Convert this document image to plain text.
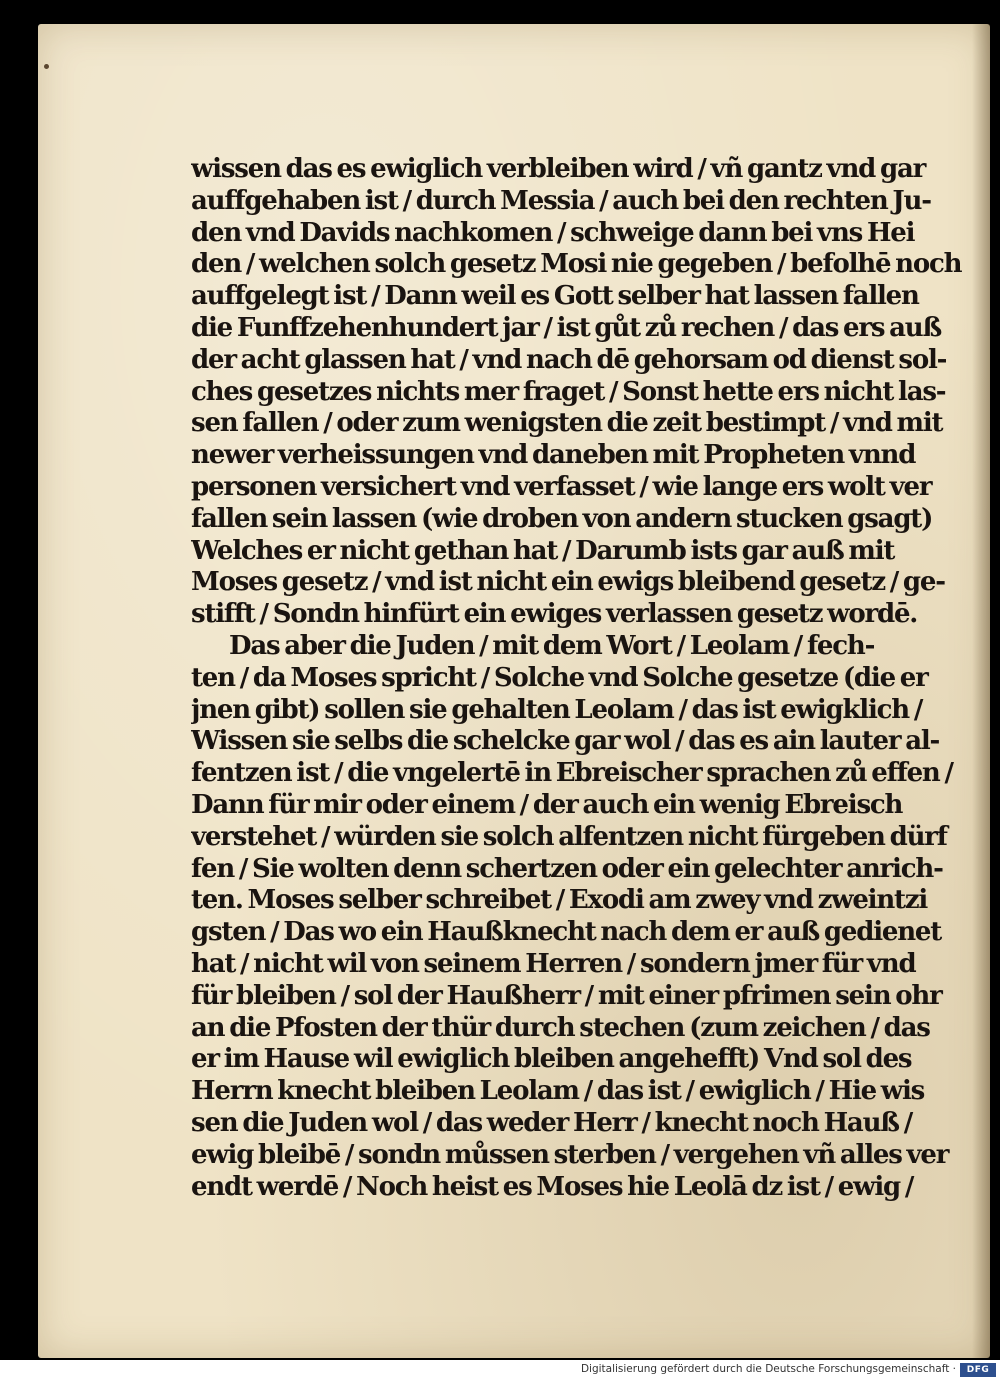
wissen das es ewiglich verbleiben wird / vñ gantz vnd gar
auffgehaben ist / durch Messia / auch bei den rechten Ju-
den vnd Davids nachkomen / schweige dann bei vns Hei
den / welchen solch gesetz Mosi nie gegeben / befolhē noch
auffgelegt ist / Dann weil es Gott selber hat lassen fallen
die Funffzehenhundert jar / ist gůt zů rechen / das ers auß
der acht glassen hat / vnd nach dē gehorsam od dienst sol-
ches gesetzes nichts mer fraget / Sonst hette ers nicht las-
sen fallen / oder zum wenigsten die zeit bestimpt / vnd mit
newer verheissungen vnd daneben mit Propheten vnnd
personen versichert vnd verfasset / wie lange ers wolt ver
fallen sein lassen (wie droben von andern stucken gsagt)
Welches er nicht gethan hat / Darumb ists gar auß mit
Moses gesetz / vnd ist nicht ein ewigs bleibend gesetz / ge-
stifft / Sondn hinfürt ein ewiges verlassen gesetz wordē.
Das aber die Juden / mit dem Wort / Leolam / fech-
ten / da Moses spricht / Solche vnd Solche gesetze (die er
jnen gibt) sollen sie gehalten Leolam / das ist ewigklich /
Wissen sie selbs die schelcke gar wol / das es ain lauter al-
fentzen ist / die vngelertē in Ebreischer sprachen zů effen /
Dann für mir oder einem / der auch ein wenig Ebreisch
verstehet / würden sie solch alfentzen nicht fürgeben dürf
fen / Sie wolten denn schertzen oder ein gelechter anrich-
ten. Moses selber schreibet / Exodi am zwey vnd zweintzi
gsten / Das wo ein Haußknecht nach dem er auß gedienet
hat / nicht wil von seinem Herren / sondern jmer für vnd
für bleiben / sol der Haußherr / mit einer pfrimen sein ohr
an die Pfosten der thür durch stechen (zum zeichen / das
er im Hause wil ewiglich bleiben angehefft) Vnd sol des
Herrn knecht bleiben Leolam / das ist / ewiglich / Hie wis
sen die Juden wol / das weder Herr / knecht noch Hauß /
ewig bleibē / sondn můssen sterben / vergehen vñ alles ver
endt werdē / Noch heist es Moses hie Leolā dz ist / ewig /
Digitalisierung gefördert durch die Deutsche Forschungsgemeinschaft ·	DFG
